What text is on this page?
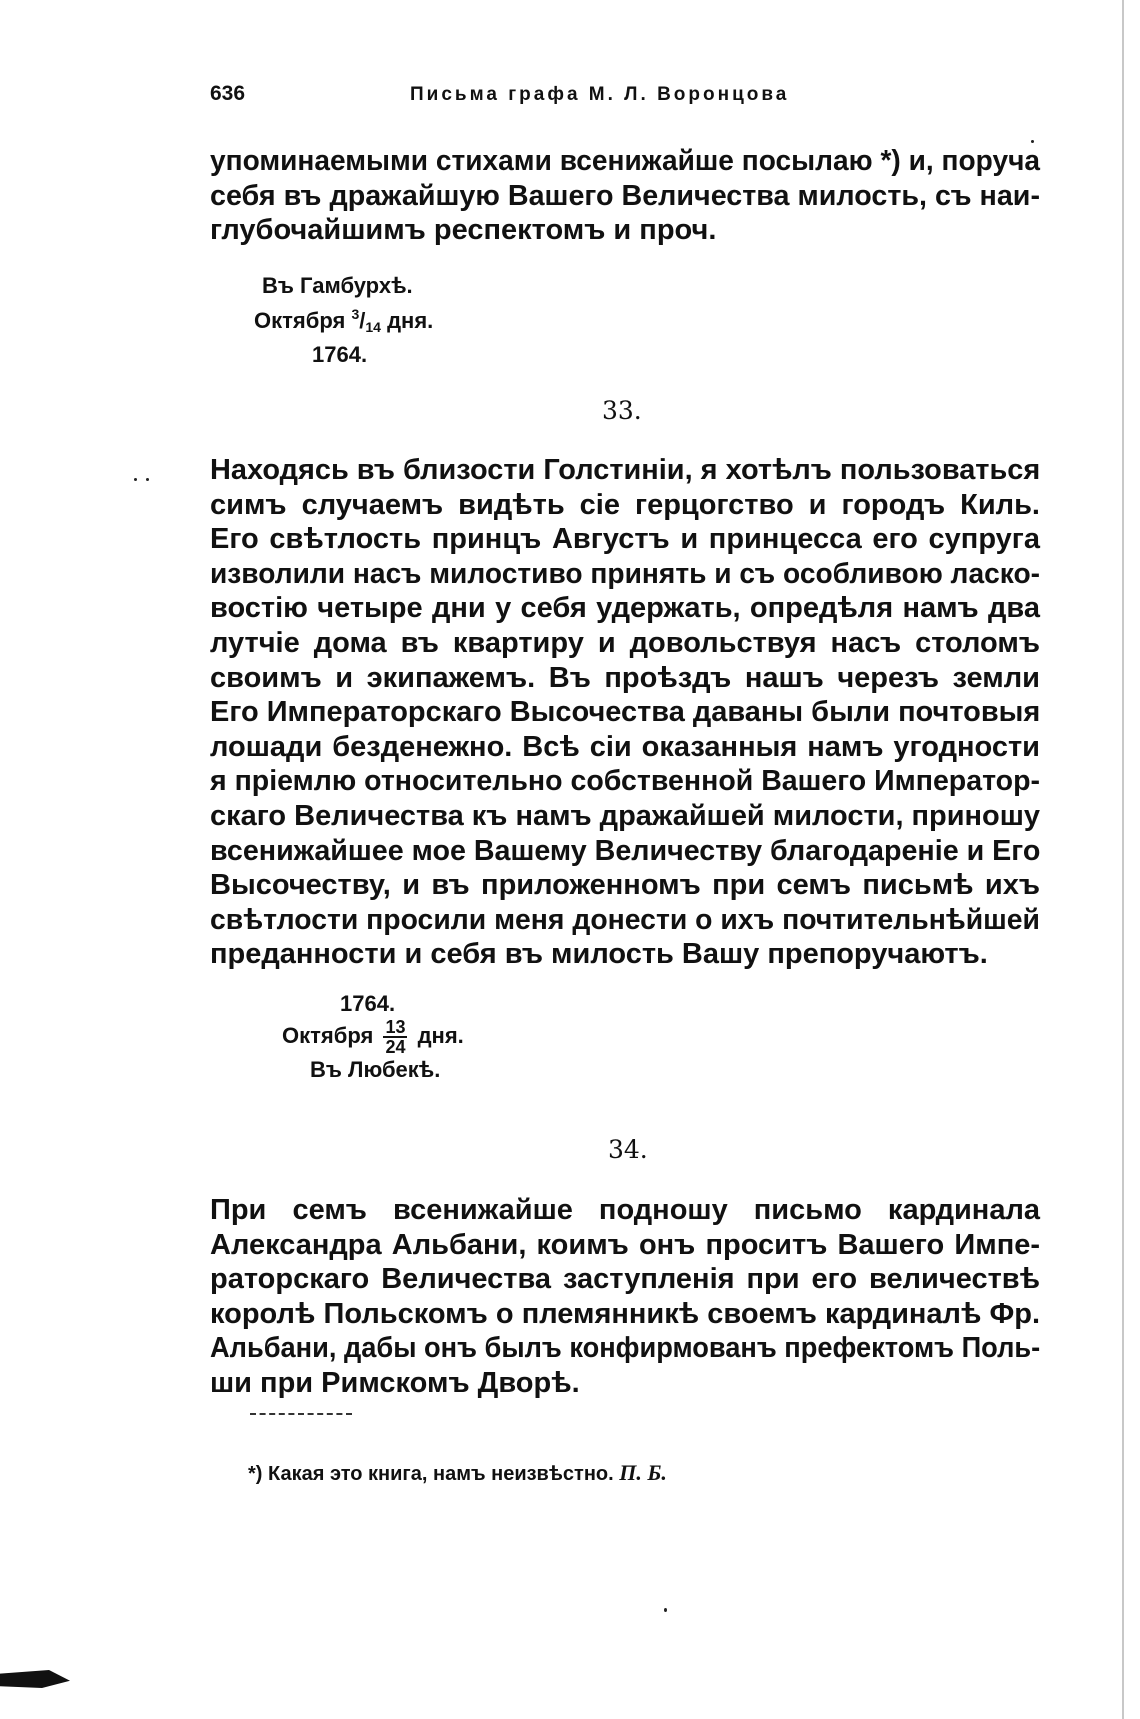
636	Письма графа М. Л. Воронцова
упоминаемыми стихами всенижайше посылаю *) и, поруча
себя въ дражайшую Вашего Величества милость, съ наи-
глубочайшимъ респектомъ и проч.
Въ Гамбурхѣ.
Октября $^3/_{14}$ дня.
1764.
33.
Находясь въ близости Голстиніи, я хотѣлъ пользоваться
симъ случаемъ видѣть сіе герцогство и городъ Киль.
Его свѣтлость принцъ Августъ и принцесса его супруга
изволили насъ милостиво принять и съ особливою ласко-
востію четыре дни у себя удержать, опредѣля намъ два
лутчіе дома въ квартиру и довольствуя насъ столомъ
своимъ и экипажемъ. Въ проѣздъ нашъ черезъ земли
Его Императорскаго Высочества даваны были почтовыя
лошади безденежно. Всѣ сіи оказанныя намъ угодности
я пріемлю относительно собственной Вашего Император-
скаго Величества къ намъ дражайшей милости, приношу
всенижайшее мое Вашему Величеству благодареніе и Его
Высочеству, и въ приложенномъ при семъ письмѣ ихъ
свѣтлости просили меня донести о ихъ почтительнѣйшей
преданности и себя въ милость Вашу препоручаютъ.
1764.
Октября $\frac{13}{24}$ дня.
Въ Любекѣ.
34.
При семъ всенижайше подношу письмо кардинала
Александра Альбани, коимъ онъ проситъ Вашего Импе-
раторскаго Величества заступленія при его величествѣ
королѣ Польскомъ о племянникѣ своемъ кардиналѣ Фр.
Альбани, дабы онъ былъ конфирмованъ префектомъ Поль-
ши при Римскомъ Дворѣ.
*) Какая это книга, намъ неизвѣстно. П. Б.
